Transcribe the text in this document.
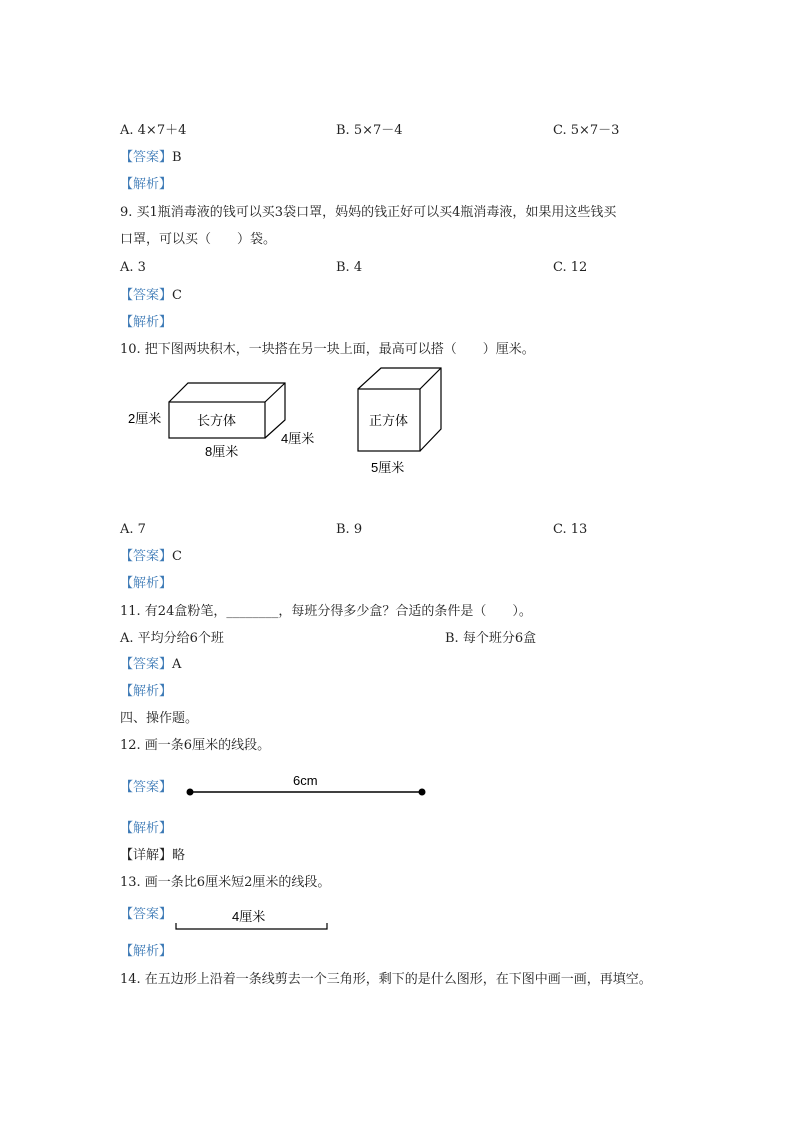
A. 4×7＋4	B. 5×7－4	C. 5×7－3
【答案】B
【解析】
9. 买1瓶消毒液的钱可以买3袋口罩，妈妈的钱正好可以买4瓶消毒液，如果用这些钱买
口罩，可以买（　　）袋。
A. 3	B. 4	C. 12
【答案】C
【解析】
10. 把下图两块积木，一块搭在另一块上面，最高可以搭（　　）厘米。
长方体
2厘米
8厘米
4厘米
正方体
5厘米
A. 7	B. 9	C. 13
【答案】C
【解析】
11. 有24盒粉笔，________，每班分得多少盒？合适的条件是（　　）。
A. 平均分给6个班	B. 每个班分6盒
【答案】A
【解析】
四、操作题。
12. 画一条6厘米的线段。
【答案】	6cm
【解析】
【详解】略
13. 画一条比6厘米短2厘米的线段。
【答案】	4厘米
【解析】
14. 在五边形上沿着一条线剪去一个三角形，剩下的是什么图形，在下图中画一画，再填空。
